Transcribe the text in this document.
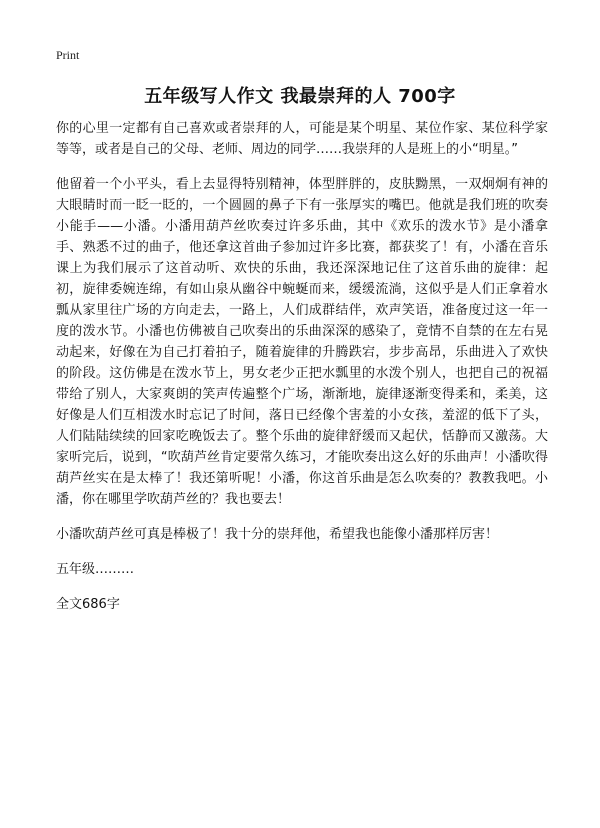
Print
五年级写人作文 我最崇拜的人 700字

你的心里一定都有自己喜欢或者崇拜的人，可能是某个明星、某位作家、某位科学家等等，或者是自己的父母、老师、周边的同学……我崇拜的人是班上的小“明星。”

他留着一个小平头，看上去显得特别精神，体型胖胖的，皮肤黝黑，一双炯炯有神的大眼睛时而一眨一眨的，一个圆圆的鼻子下有一张厚实的嘴巴。他就是我们班的吹奏小能手——小潘。小潘用葫芦丝吹奏过许多乐曲，其中《欢乐的泼水节》是小潘拿手、熟悉不过的曲子，他还拿这首曲子参加过许多比赛，都获奖了！有，小潘在音乐课上为我们展示了这首动听、欢快的乐曲，我还深深地记住了这首乐曲的旋律：起初，旋律委婉连绵，有如山泉从幽谷中蜿蜒而来，缓缓流淌，这似乎是人们正拿着水瓢从家里往广场的方向走去，一路上，人们成群结伴，欢声笑语，准备度过这一年一度的泼水节。小潘也仿佛被自己吹奏出的乐曲深深的感染了，竟情不自禁的在左右晃动起来，好像在为自己打着拍子，随着旋律的升腾跌宕，步步高昂，乐曲进入了欢快的阶段。这仿佛是在泼水节上，男女老少正把水瓢里的水泼个别人，也把自己的祝福带给了别人，大家爽朗的笑声传遍整个广场，渐渐地，旋律逐渐变得柔和，柔美，这好像是人们互相泼水时忘记了时间，落日已经像个害羞的小女孩，羞涩的低下了头，人们陆陆续续的回家吃晚饭去了。整个乐曲的旋律舒缓而又起伏，恬静而又激荡。大家听完后，说到，“吹葫芦丝肯定要常久练习，才能吹奏出这么好的乐曲声！小潘吹得葫芦丝实在是太棒了！我还第听呢！小潘，你这首乐曲是怎么吹奏的？教教我吧。小潘，你在哪里学吹葫芦丝的？我也要去！

小潘吹葫芦丝可真是棒极了！我十分的崇拜他，希望我也能像小潘那样厉害！

五年级………

全文686字
